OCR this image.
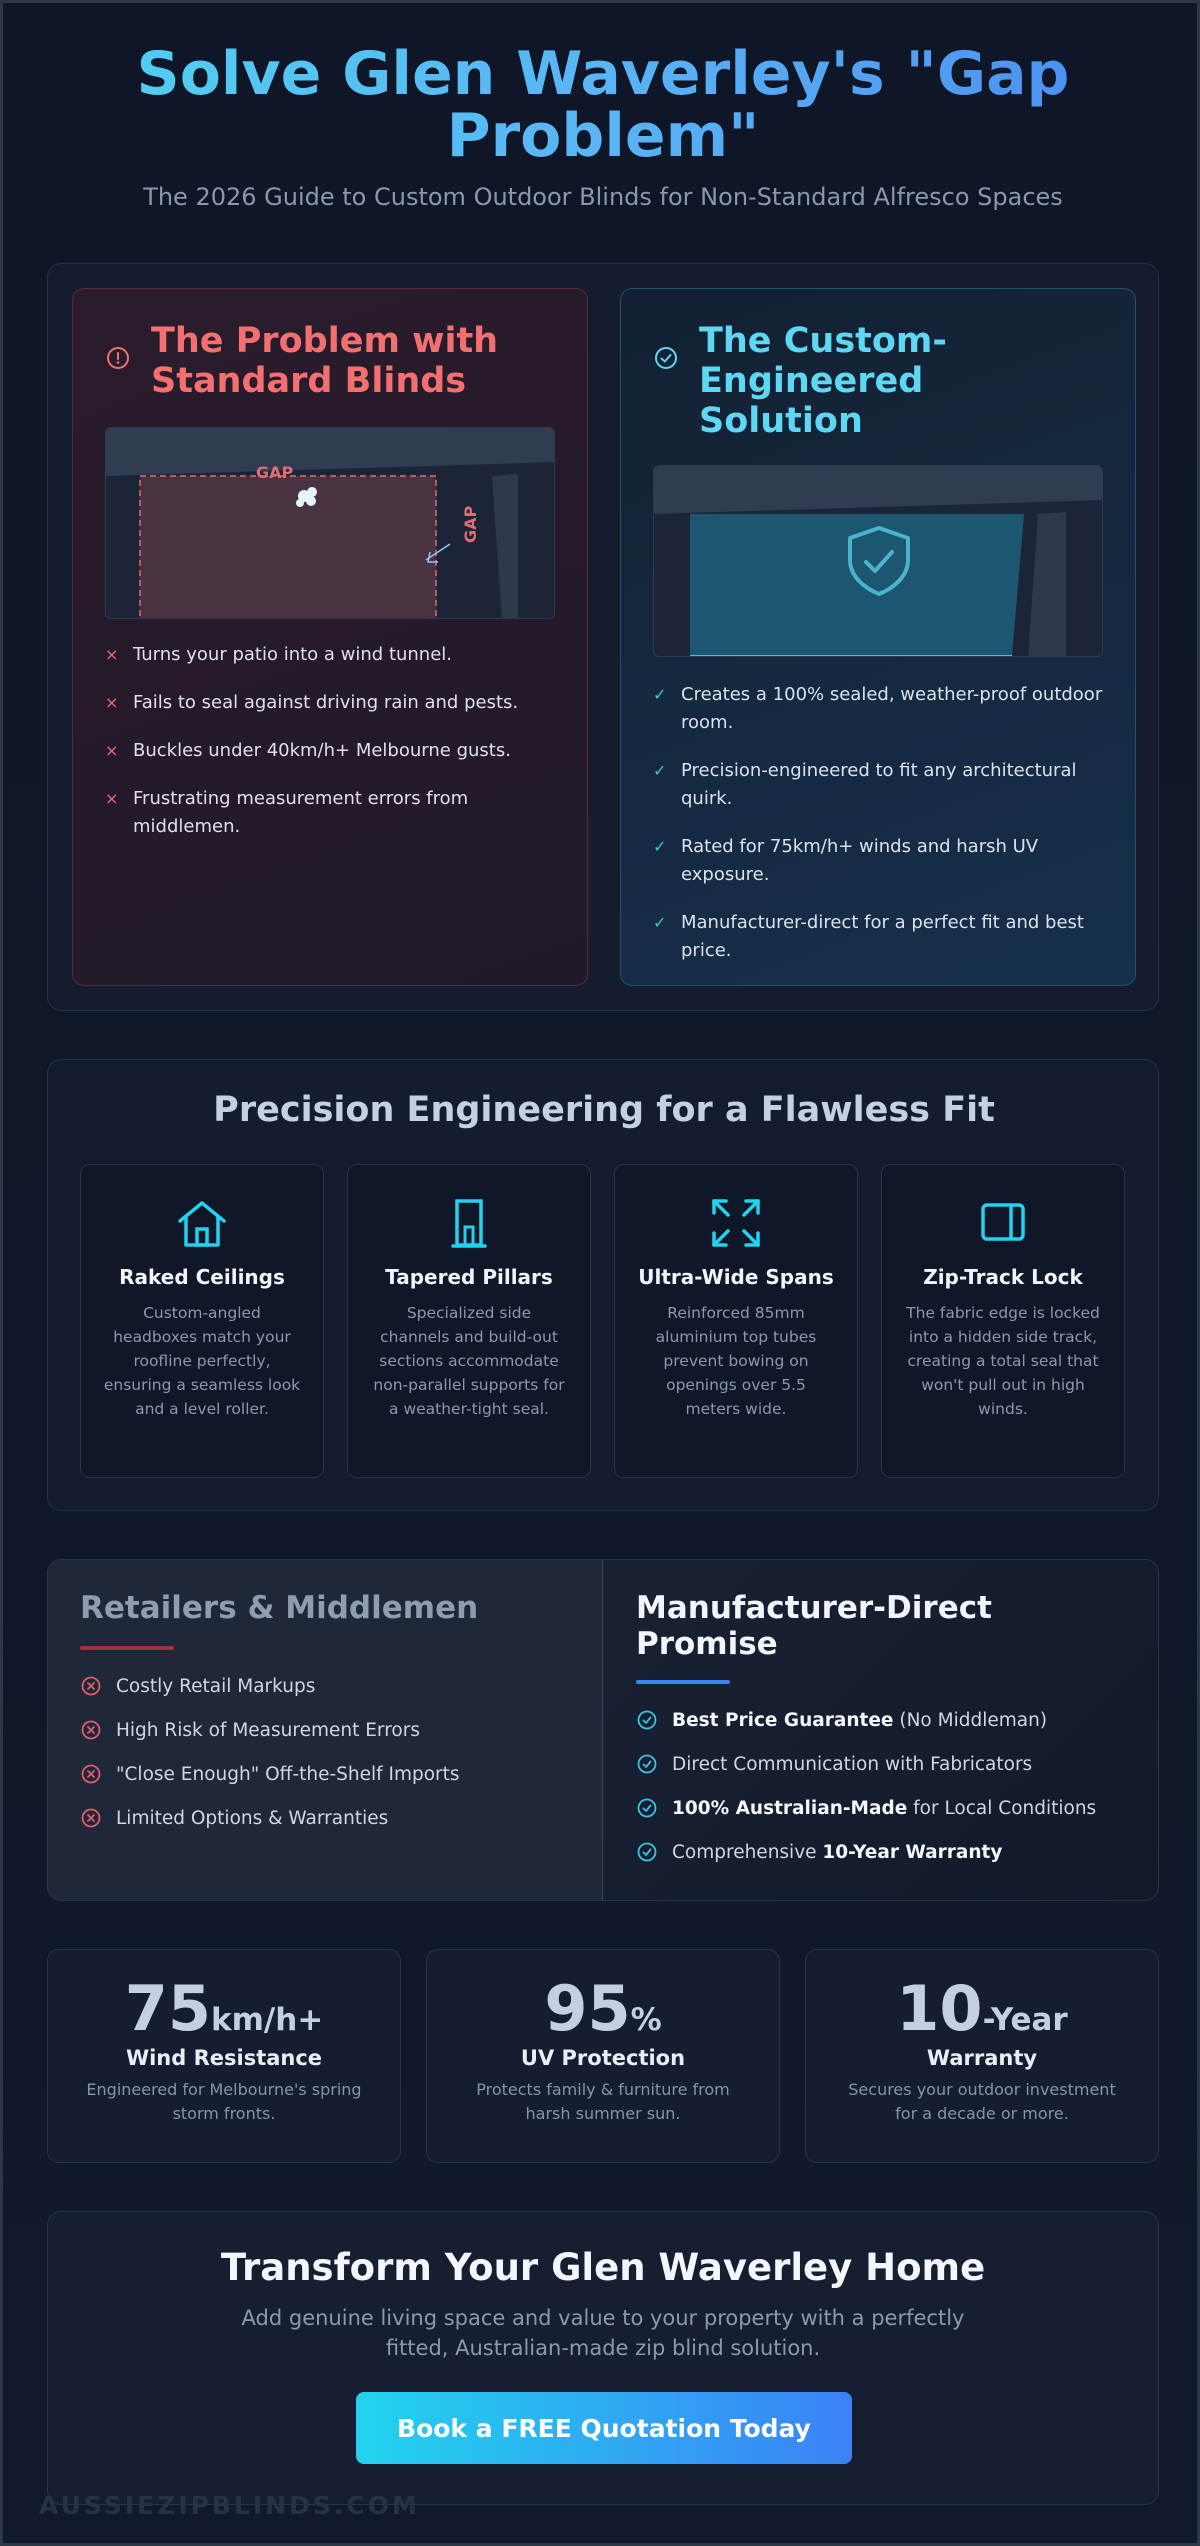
Solve Glen Waverley's "Gap Problem"

The 2026 Guide to Custom Outdoor Blinds for Non-Standard Alfresco Spaces

The Problem with Standard Blinds
GAP
GAP
× Turns your patio into a wind tunnel.
× Fails to seal against driving rain and pests.
× Buckles under 40km/h+ Melbourne gusts.
× Frustrating measurement errors from middlemen.
The Custom-Engineered Solution
✓ Creates a 100% sealed, weather-proof outdoor room.
✓ Precision-engineered to fit any architectural quirk.
✓ Rated for 75km/h+ winds and harsh UV exposure.
✓ Manufacturer-direct for a perfect fit and best price.
Precision Engineering for a Flawless Fit
Raked Ceilings
Custom-angled headboxes match your roofline perfectly, ensuring a seamless look and a level roller.
Tapered Pillars
Specialized side channels and build-out sections accommodate non-parallel supports for a weather-tight seal.
Ultra-Wide Spans
Reinforced 85mm aluminium top tubes prevent bowing on openings over 5.5 meters wide.
Zip-Track Lock
The fabric edge is locked into a hidden side track, creating a total seal that won't pull out in high winds.
Retailers & Middlemen
Costly Retail Markups
High Risk of Measurement Errors
"Close Enough" Off-the-Shelf Imports
Limited Options & Warranties
Manufacturer-Direct Promise
Best Price Guarantee (No Middleman)
Direct Communication with Fabricators
100% Australian-Made for Local Conditions
Comprehensive 10-Year Warranty
75km/h+
Wind Resistance
Engineered for Melbourne's spring storm fronts.
95%
UV Protection
Protects family & furniture from harsh summer sun.
10-Year
Warranty
Secures your outdoor investment for a decade or more.
Transform Your Glen Waverley Home

Add genuine living space and value to your property with a perfectly fitted, Australian-made zip blind solution.

Book a FREE Quotation Today
AUSSIEZIPBLINDS.COM
